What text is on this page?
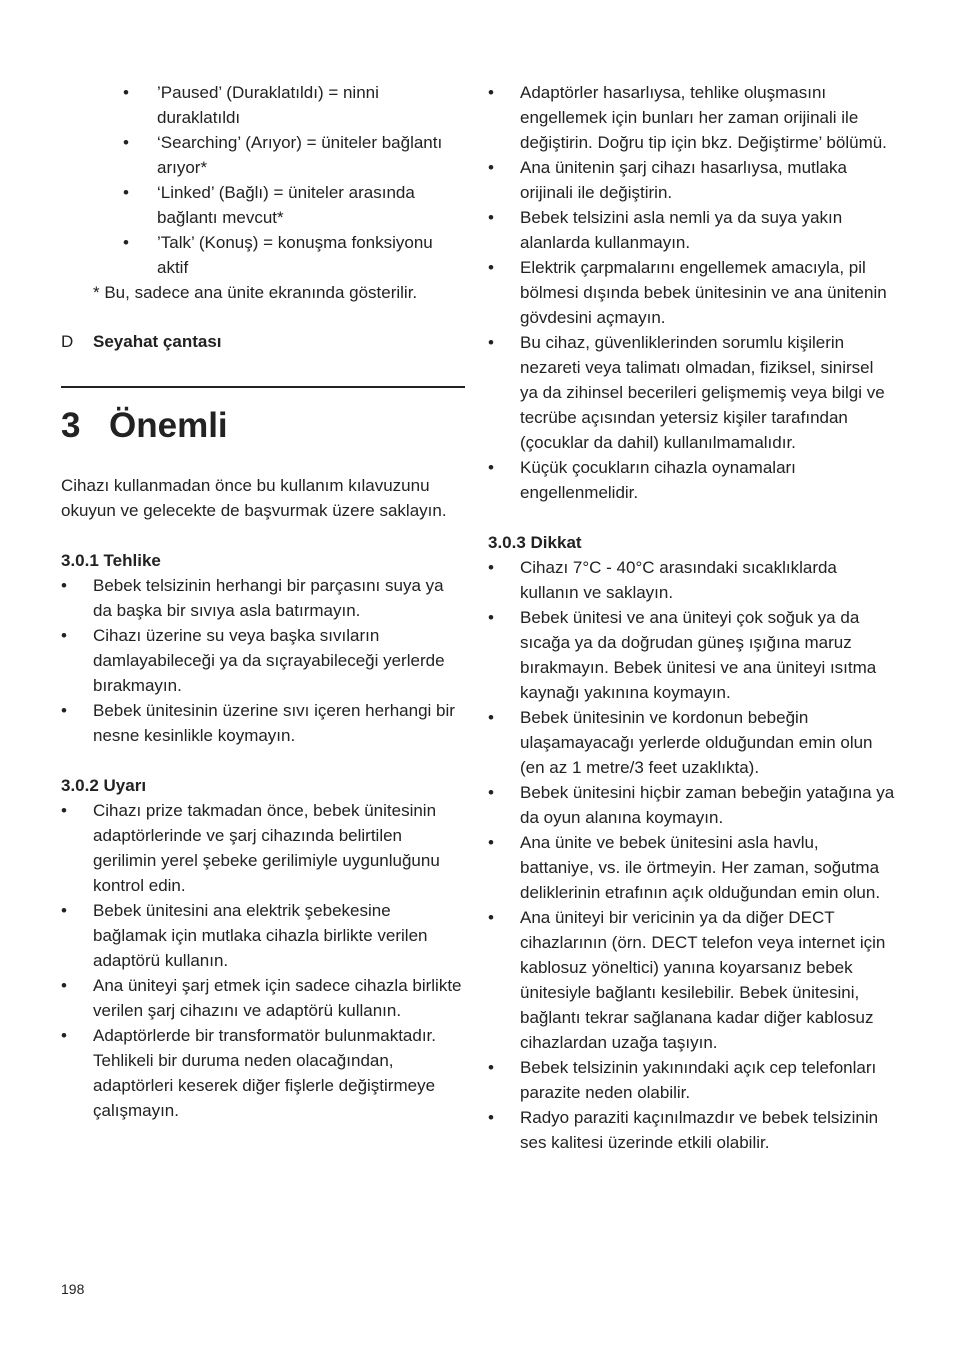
• ’Paused’ (Duraklatıldı) = ninni duraklatıldı
• ‘Searching’ (Arıyor) = üniteler bağlantı arıyor*
• ‘Linked’ (Bağlı) = üniteler arasında bağlantı mevcut*
• ’Talk’ (Konuş) = konuşma fonksiyonu aktif
* Bu, sadece ana ünite ekranında gösterilir.
D Seyahat çantası
3 Önemli

Cihazı kullanmadan önce bu kullanım kılavuzunu okuyun ve gelecekte de başvurmak üzere saklayın.

3.0.1 Tehlike
• Bebek telsizinin herhangi bir parçasını suya ya da başka bir sıvıya asla batırmayın.
• Cihazı üzerine su veya başka sıvıların damlayabileceği ya da sıçrayabileceği yerlerde bırakmayın.
• Bebek ünitesinin üzerine sıvı içeren herhangi bir nesne kesinlikle koymayın.
3.0.2 Uyarı
• Cihazı prize takmadan önce, bebek ünitesinin adaptörlerinde ve şarj cihazında belirtilen gerilimin yerel şebeke gerilimiyle uygunluğunu kontrol edin.
• Bebek ünitesini ana elektrik şebekesine bağlamak için mutlaka cihazla birlikte verilen adaptörü kullanın.
• Ana üniteyi şarj etmek için sadece cihazla birlikte verilen şarj cihazını ve adaptörü kullanın.
• Adaptörlerde bir transformatör bulunmaktadır. Tehlikeli bir duruma neden olacağından, adaptörleri keserek diğer fişlerle değiştirmeye çalışmayın.
• Adaptörler hasarlıysa, tehlike oluşmasını engellemek için bunları her zaman orijinali ile değiştirin. Doğru tip için bkz. Değiştirme’ bölümü.
• Ana ünitenin şarj cihazı hasarlıysa, mutlaka orijinali ile değiştirin.
• Bebek telsizini asla nemli ya da suya yakın alanlarda kullanmayın.
• Elektrik çarpmalarını engellemek amacıyla, pil bölmesi dışında bebek ünitesinin ve ana ünitenin gövdesini açmayın.
• Bu cihaz, güvenliklerinden sorumlu kişilerin nezareti veya talimatı olmadan, fiziksel, sinirsel ya da zihinsel becerileri gelişmemiş veya bilgi ve tecrübe açısından yetersiz kişiler tarafından (çocuklar da dahil) kullanılmamalıdır.
• Küçük çocukların cihazla oynamaları engellenmelidir.
3.0.3 Dikkat
• Cihazı 7°C - 40°C arasındaki sıcaklıklarda kullanın ve saklayın.
• Bebek ünitesi ve ana üniteyi çok soğuk ya da sıcağa ya da doğrudan güneş ışığına maruz bırakmayın. Bebek ünitesi ve ana üniteyi ısıtma kaynağı yakınına koymayın.
• Bebek ünitesinin ve kordonun bebeğin ulaşamayacağı yerlerde olduğundan emin olun (en az 1 metre/3 feet uzaklıkta).
• Bebek ünitesini hiçbir zaman bebeğin yatağına ya da oyun alanına koymayın.
• Ana ünite ve bebek ünitesini asla havlu, battaniye, vs. ile örtmeyin. Her zaman, soğutma deliklerinin etrafının açık olduğundan emin olun.
• Ana üniteyi bir vericinin ya da diğer DECT cihazlarının (örn. DECT telefon veya internet için kablosuz yöneltici) yanına koyarsanız bebek ünitesiyle bağlantı kesilebilir. Bebek ünitesini, bağlantı tekrar sağlanana kadar diğer kablosuz cihazlardan uzağa taşıyın.
• Bebek telsizinin yakınındaki açık cep telefonları parazite neden olabilir.
• Radyo paraziti kaçınılmazdır ve bebek telsizinin ses kalitesi üzerinde etkili olabilir.
198
